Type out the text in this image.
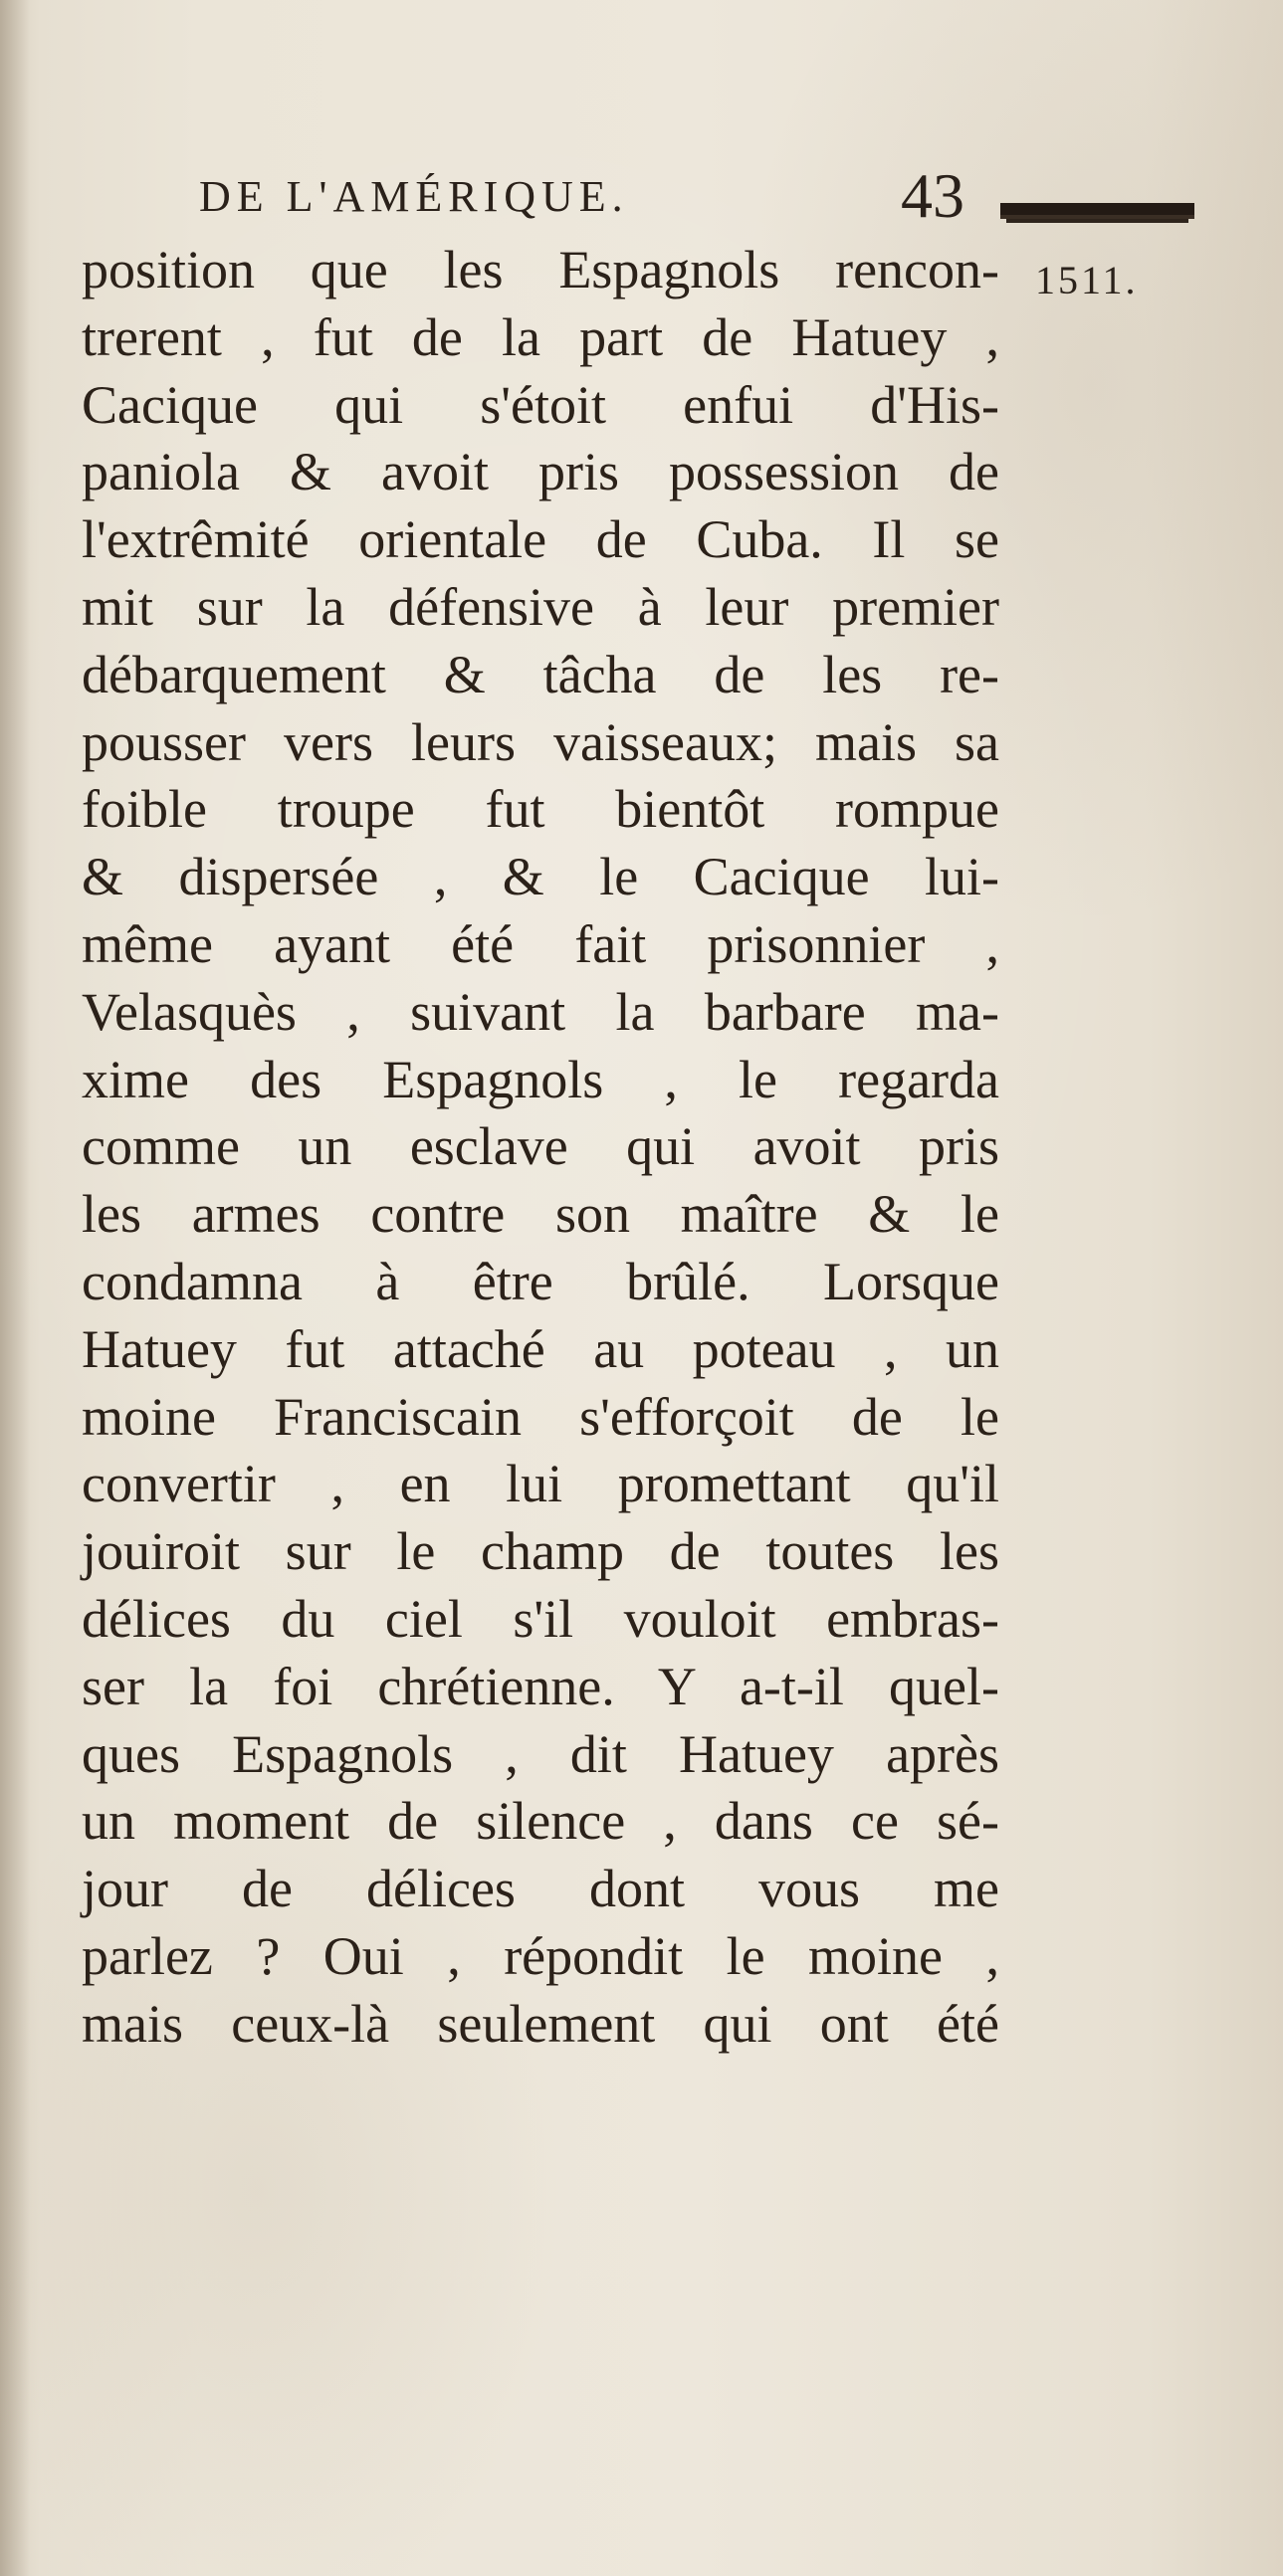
DE L'AMÉRIQUE.	43
1511.
position que les Espagnols rencon-
trerent , fut de la part de Hatuey ,
Cacique qui s'étoit enfui d'His-
paniola & avoit pris possession de
l'extrêmité orientale de Cuba. Il se
mit sur la défensive à leur premier
débarquement & tâcha de les re-
pousser vers leurs vaisseaux; mais sa
foible troupe fut bientôt rompue
& dispersée , & le Cacique lui-
même ayant été fait prisonnier ,
Velasquès , suivant la barbare ma-
xime des Espagnols , le regarda
comme un esclave qui avoit pris
les armes contre son maître & le
condamna à être brûlé. Lorsque
Hatuey fut attaché au poteau , un
moine Franciscain s'efforçoit de le
convertir , en lui promettant qu'il
jouiroit sur le champ de toutes les
délices du ciel s'il vouloit embras-
ser la foi chrétienne. Y a-t-il quel-
ques Espagnols , dit Hatuey après
un moment de silence , dans ce sé-
jour de délices dont vous me
parlez ? Oui , répondit le moine ,
mais ceux-là seulement qui ont été
